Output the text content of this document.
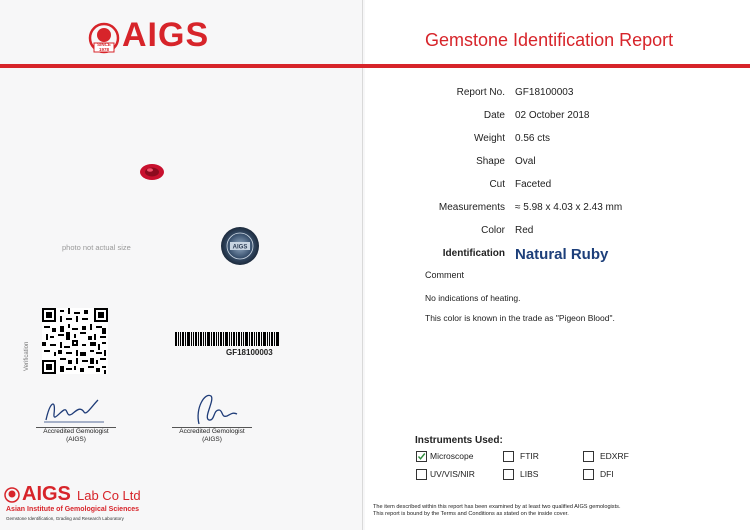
SINCE
1978 AIGS	Gemstone Identification Report
photo not actual size	AIGS
Verification	GF18100003
Accredited Gemologist
(AIGS)
Accredited Gemologist
(AIGS)
AIGS Lab Co Ltd
Asian Institute of Gemological Sciences
Gemstone Identification, Grading and Research Laboratory
Report No. GF18100003
Date 02 October 2018
Weight 0.56 cts
Shape Oval
Cut Faceted
Measurements ≈ 5.98 x 4.03 x 2.43 mm
Color Red
Identification Natural Ruby
Comment
No indications of heating.
This color is known in the trade as "Pigeon Blood".
Instruments Used:
Microscope	FTIR	EDXRF
UV/VIS/NIR	LIBS	DFI
The item described within this report has been examined by at least two qualified AIGS gemologists.
This report is bound by the Terms and Conditions as stated on the inside cover.
